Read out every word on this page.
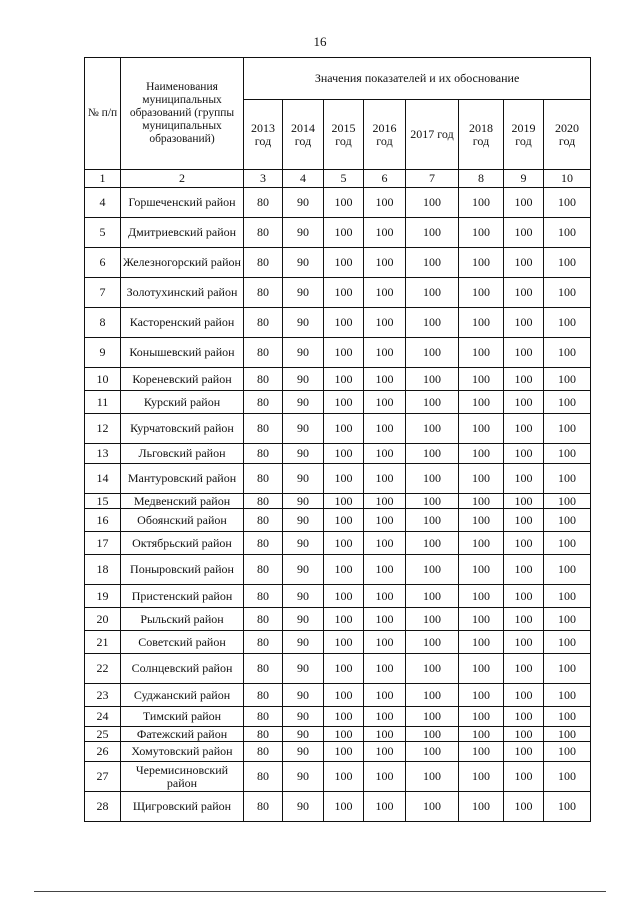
16
№ п/п	Наименования муниципальных образований (группы муниципальных образований)	Значения показателей и их обоснование							
		2013 год	2014 год	2015 год	2016 год	2017 год	2018 год	2019 год	2020 год
1	2	3	4	5	6	7	8	9	10
4	Горшеченский район	80	90	100	100	100	100	100	100
5	Дмитриевский район	80	90	100	100	100	100	100	100
6	Железногорский район	80	90	100	100	100	100	100	100
7	Золотухинский район	80	90	100	100	100	100	100	100
8	Касторенский район	80	90	100	100	100	100	100	100
9	Конышевский район	80	90	100	100	100	100	100	100
10	Кореневский район	80	90	100	100	100	100	100	100
11	Курский район	80	90	100	100	100	100	100	100
12	Курчатовский район	80	90	100	100	100	100	100	100
13	Льговский район	80	90	100	100	100	100	100	100
14	Мантуровский район	80	90	100	100	100	100	100	100
15	Медвенский район	80	90	100	100	100	100	100	100
16	Обоянский район	80	90	100	100	100	100	100	100
17	Октябрьский район	80	90	100	100	100	100	100	100
18	Поныровский район	80	90	100	100	100	100	100	100
19	Пристенский район	80	90	100	100	100	100	100	100
20	Рыльский район	80	90	100	100	100	100	100	100
21	Советский район	80	90	100	100	100	100	100	100
22	Солнцевский район	80	90	100	100	100	100	100	100
23	Суджанский район	80	90	100	100	100	100	100	100
24	Тимский район	80	90	100	100	100	100	100	100
25	Фатежский район	80	90	100	100	100	100	100	100
26	Хомутовский район	80	90	100	100	100	100	100	100
27	Черемисиновский район	80	90	100	100	100	100	100	100
28	Щигровский район	80	90	100	100	100	100	100	100
